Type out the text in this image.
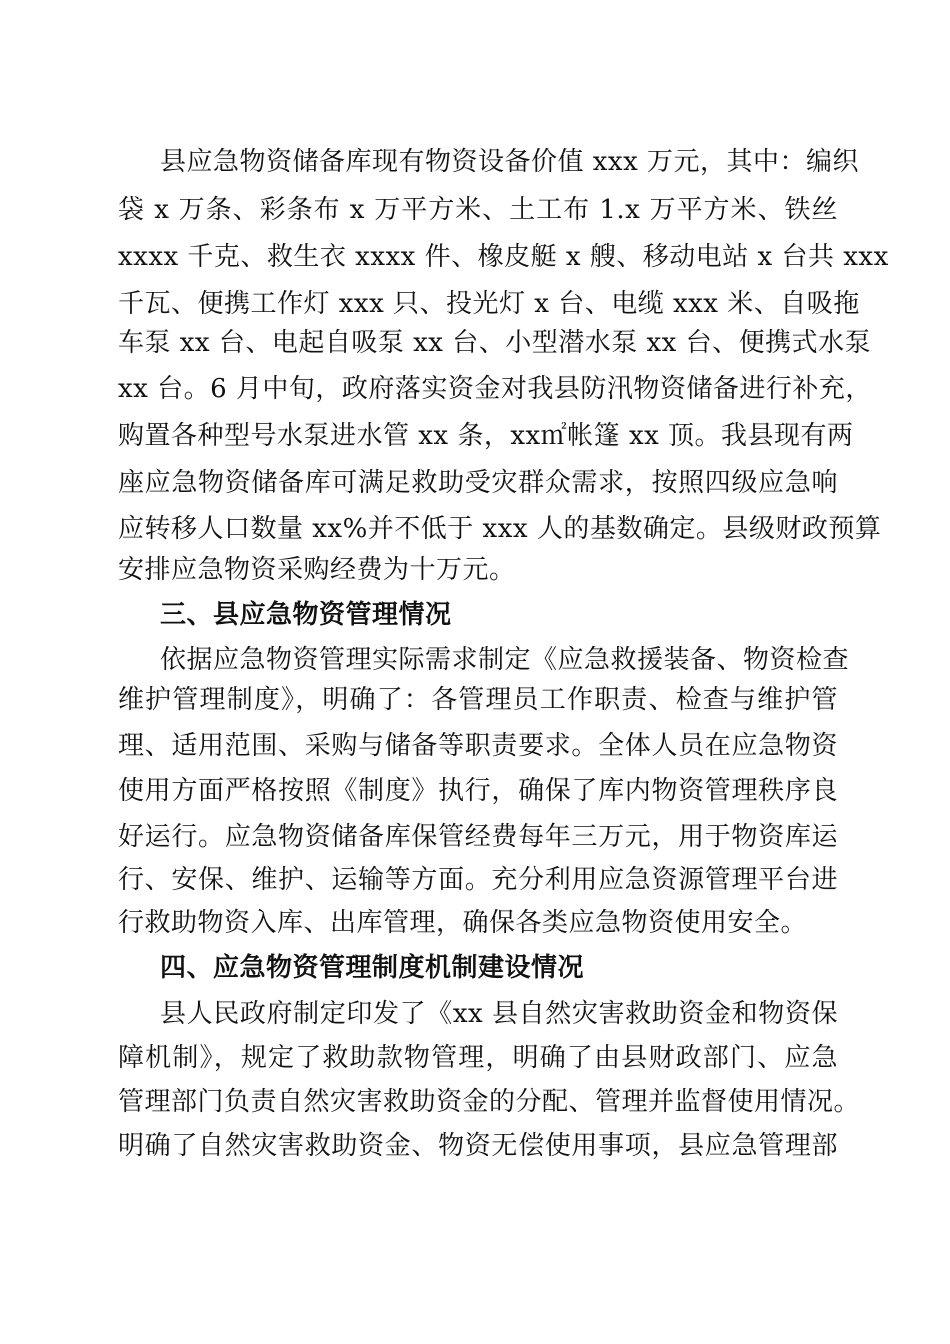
县应急物资储备库现有物资设备价值 xxx 万元，其中：编织
袋 x 万条、彩条布 x 万平方米、土工布 1.x 万平方米、铁丝
xxxx 千克、救生衣 xxxx 件、橡皮艇 x 艘、移动电站 x 台共 xxx
千瓦、便携工作灯 xxx 只、投光灯 x 台、电缆 xxx 米、自吸拖
车泵 xx 台、电起自吸泵 xx 台、小型潜水泵 xx 台、便携式水泵
xx 台。6 月中旬，政府落实资金对我县防汛物资储备进行补充，
购置各种型号水泵进水管 xx 条，xx㎡帐篷 xx 顶。我县现有两
座应急物资储备库可满足救助受灾群众需求，按照四级应急响
应转移人口数量 xx%并不低于 xxx 人的基数确定。县级财政预算
安排应急物资采购经费为十万元。
三、县应急物资管理情况
依据应急物资管理实际需求制定《应急救援装备、物资检查
维护管理制度》，明确了：各管理员工作职责、检查与维护管
理、适用范围、采购与储备等职责要求。全体人员在应急物资
使用方面严格按照《制度》执行，确保了库内物资管理秩序良
好运行。应急物资储备库保管经费每年三万元，用于物资库运
行、安保、维护、运输等方面。充分利用应急资源管理平台进
行救助物资入库、出库管理，确保各类应急物资使用安全。
四、应急物资管理制度机制建设情况
县人民政府制定印发了《xx 县自然灾害救助资金和物资保
障机制》，规定了救助款物管理，明确了由县财政部门、应急
管理部门负责自然灾害救助资金的分配、管理并监督使用情况。
明确了自然灾害救助资金、物资无偿使用事项，县应急管理部
